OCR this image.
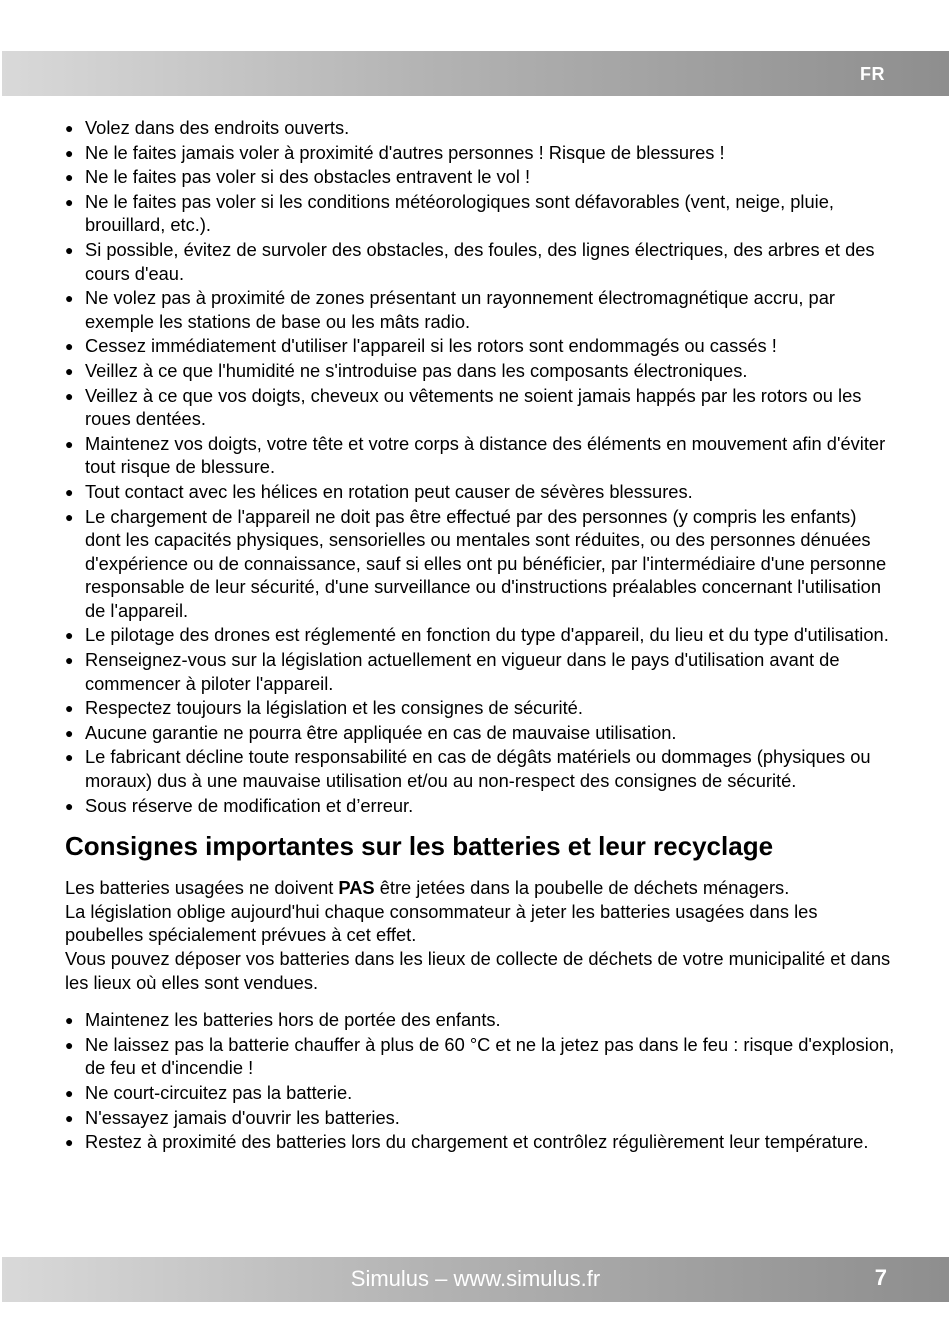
FR
● Volez dans des endroits ouverts.
● Ne le faites jamais voler à proximité d'autres personnes ! Risque de blessures !
● Ne le faites pas voler si des obstacles entravent le vol !
● Ne le faites pas voler si les conditions météorologiques sont défavorables (vent, neige, pluie, brouillard, etc.).
● Si possible, évitez de survoler des obstacles, des foules, des lignes électriques, des arbres et des cours d'eau.
● Ne volez pas à proximité de zones présentant un rayonnement électromagnétique accru, par exemple les stations de base ou les mâts radio.
● Cessez immédiatement d'utiliser l'appareil si les rotors sont endommagés ou cassés !
● Veillez à ce que l'humidité ne s'introduise pas dans les composants électroniques.
● Veillez à ce que vos doigts, cheveux ou vêtements ne soient jamais happés par les rotors ou les roues dentées.
● Maintenez vos doigts, votre tête et votre corps à distance des éléments en mouvement afin d'éviter tout risque de blessure.
● Tout contact avec les hélices en rotation peut causer de sévères blessures.
● Le chargement de l'appareil ne doit pas être effectué par des personnes (y compris les enfants) dont les capacités physiques, sensorielles ou mentales sont réduites, ou des personnes dénuées d'expérience ou de connaissance, sauf si elles ont pu bénéficier, par l'intermédiaire d'une personne responsable de leur sécurité, d'une surveillance ou d'instructions préalables concernant l'utilisation de l'appareil.
● Le pilotage des drones est réglementé en fonction du type d'appareil, du lieu et du type d'utilisation.
● Renseignez-vous sur la législation actuellement en vigueur dans le pays d'utilisation avant de commencer à piloter l'appareil.
● Respectez toujours la législation et les consignes de sécurité.
● Aucune garantie ne pourra être appliquée en cas de mauvaise utilisation.
● Le fabricant décline toute responsabilité en cas de dégâts matériels ou dommages (physiques ou moraux) dus à une mauvaise utilisation et/ou au non-respect des consignes de sécurité.
● Sous réserve de modification et d’erreur.
Consignes importantes sur les batteries et leur recyclage

Les batteries usagées ne doivent PAS être jetées dans la poubelle de déchets ménagers.

La législation oblige aujourd'hui chaque consommateur à jeter les batteries usagées dans les poubelles spécialement prévues à cet effet.

Vous pouvez déposer vos batteries dans les lieux de collecte de déchets de votre municipalité et dans les lieux où elles sont vendues.

● Maintenez les batteries hors de portée des enfants.
● Ne laissez pas la batterie chauffer à plus de 60 °C et ne la jetez pas dans le feu : risque d'explosion, de feu et d'incendie !
● Ne court-circuitez pas la batterie.
● N'essayez jamais d'ouvrir les batteries.
● Restez à proximité des batteries lors du chargement et contrôlez régulièrement leur température.
Simulus – www.simulus.fr	7
